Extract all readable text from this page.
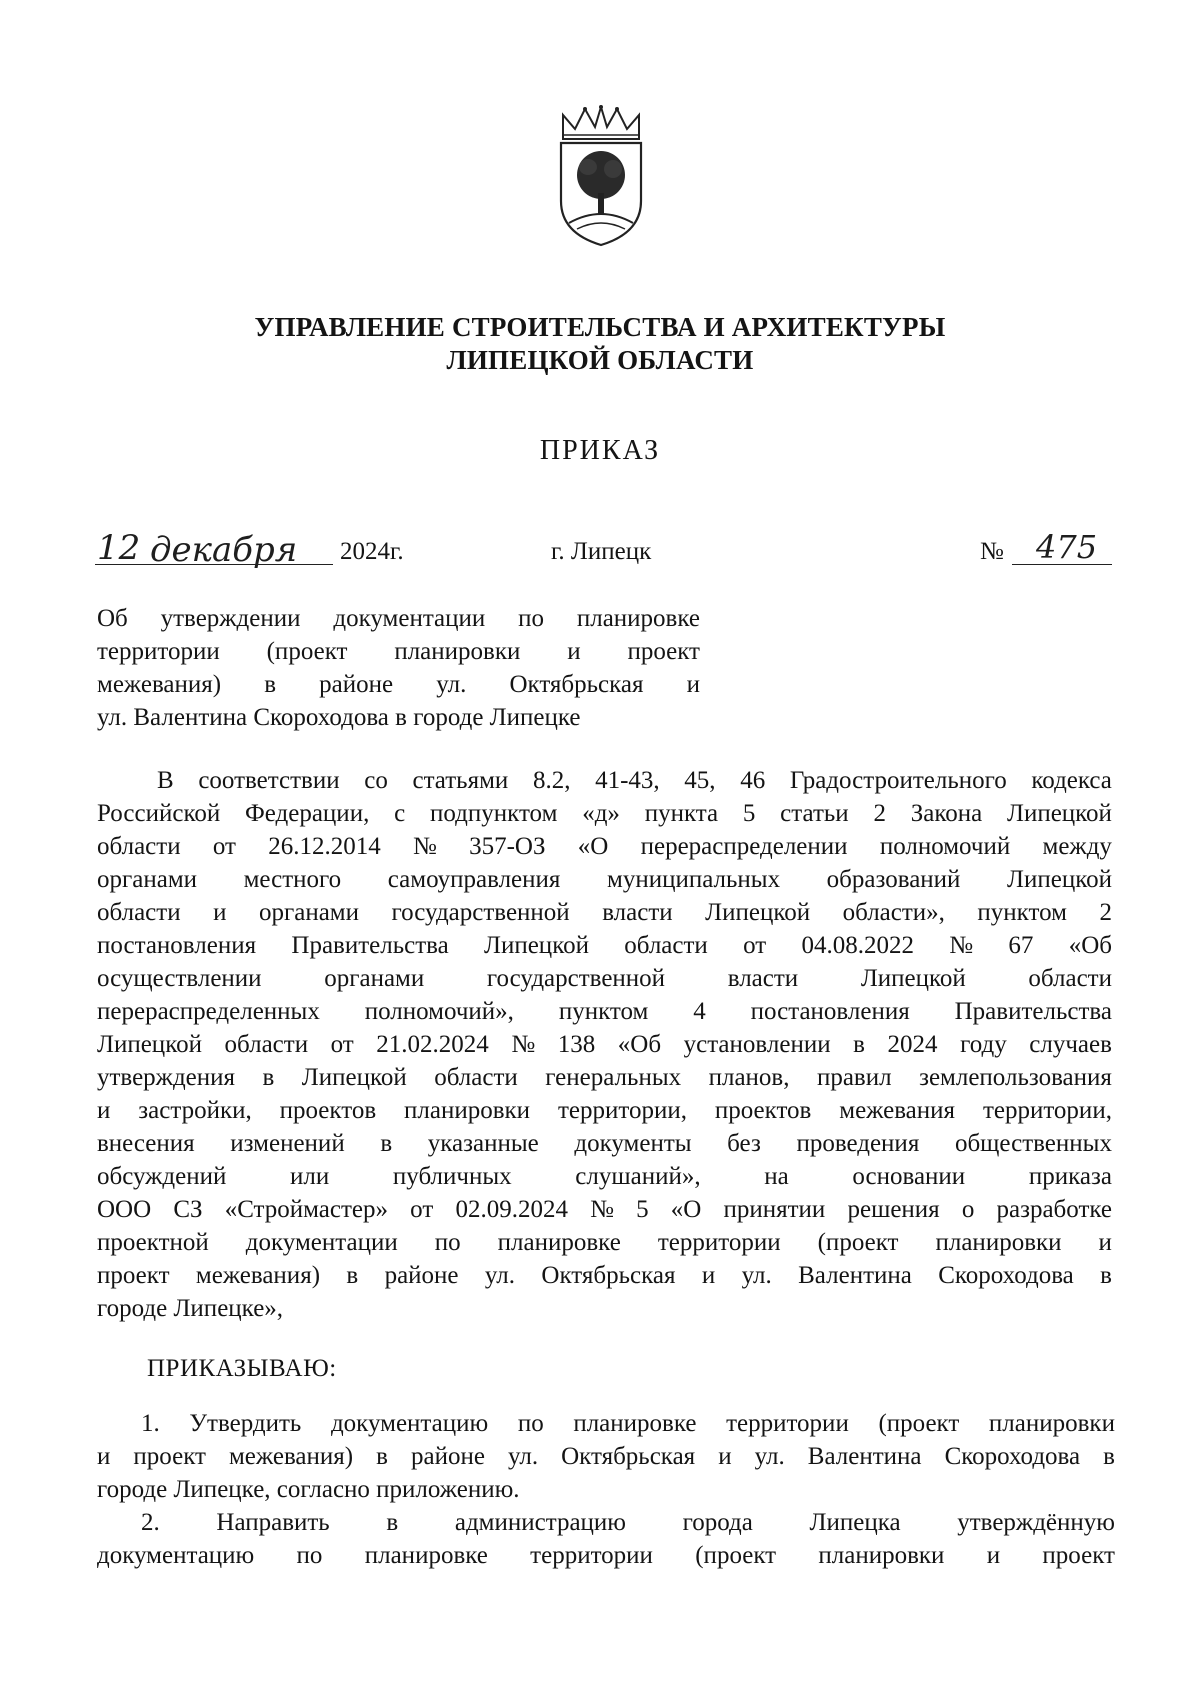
УПРАВЛЕНИЕ СТРОИТЕЛЬСТВА И АРХИТЕКТУРЫ
ЛИПЕЦКОЙ ОБЛАСТИ
ПРИКАЗ
12 декабря 2024г.	г. Липецк	№ 475
Об утверждении документации по планировке
территории (проект планировки и проект
межевания) в районе ул. Октябрьская и
ул. Валентина Скороходова в городе Липецке
В соответствии со статьями 8.2, 41-43, 45, 46 Градостроительного кодекса
Российской Федерации, с подпунктом «д» пункта 5 статьи 2 Закона Липецкой
области от 26.12.2014 № 357-ОЗ «О перераспределении полномочий между
органами местного самоуправления муниципальных образований Липецкой
области и органами государственной власти Липецкой области», пунктом 2
постановления Правительства Липецкой области от 04.08.2022 № 67 «Об
осуществлении	органами	государственной	власти	Липецкой	области
перераспределенных полномочий», пунктом 4 постановления Правительства
Липецкой области от 21.02.2024 № 138 «Об установлении в 2024 году случаев
утверждения в Липецкой области генеральных планов, правил землепользования
и застройки, проектов планировки территории, проектов межевания территории,
внесения изменений в указанные документы без проведения общественных
обсуждений	или	публичных	слушаний»,	на	основании	приказа
ООО СЗ «Строймастер» от 02.09.2024 № 5 «О принятии решения о разработке
проектной документации по планировке территории (проект планировки и
проект межевания) в районе ул. Октябрьская и ул. Валентина Скороходова в
городе Липецке»,
ПРИКАЗЫВАЮ:
1. Утвердить документацию по планировке территории (проект планировки
и проект межевания) в районе ул. Октябрьская и ул. Валентина Скороходова в
городе Липецке, согласно приложению.
2. Направить в администрацию города Липецка утверждённую
документацию по планировке территории (проект планировки и проект
